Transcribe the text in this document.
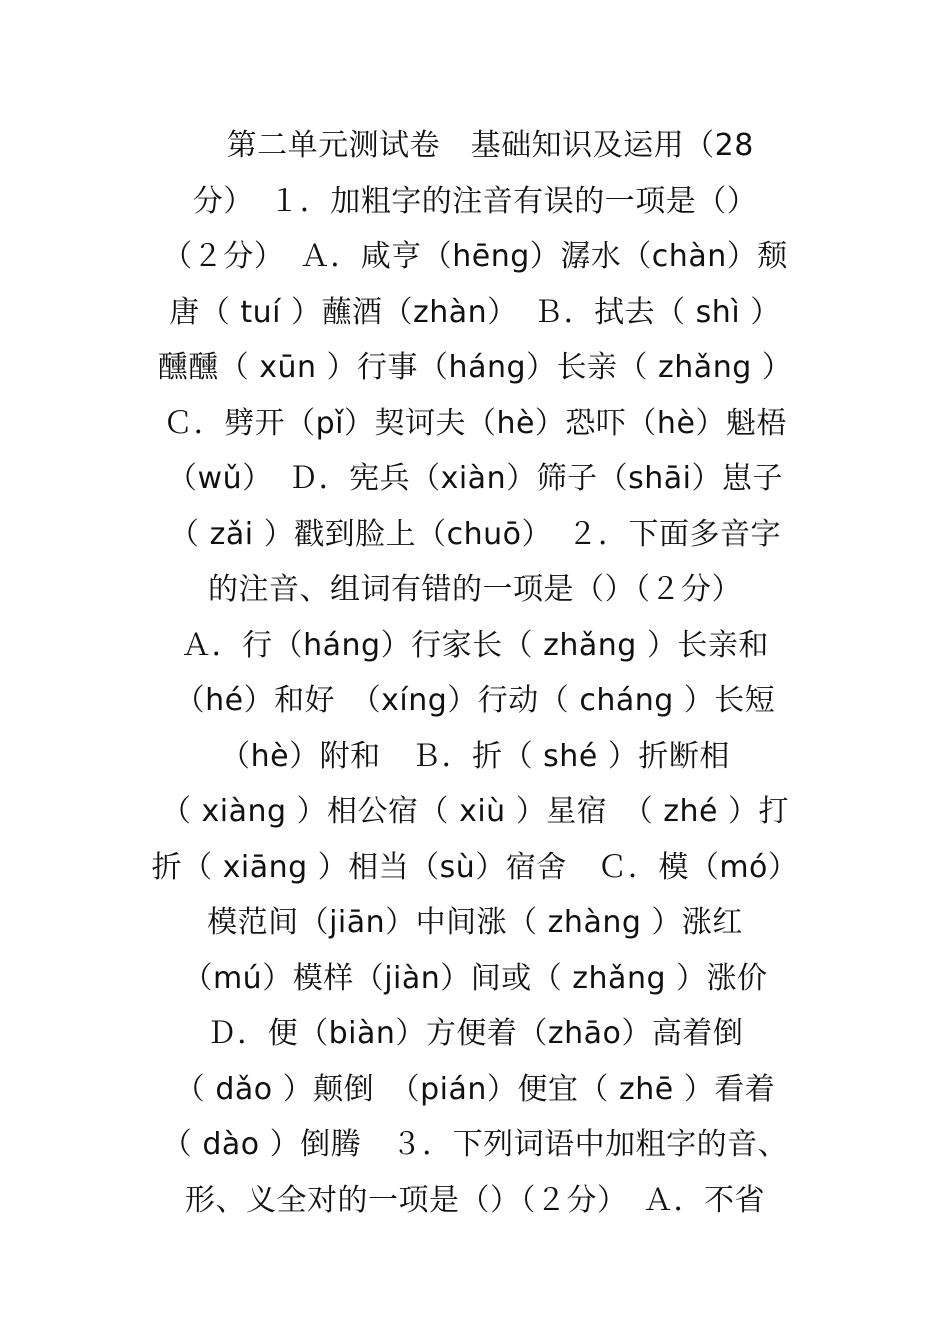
　第二单元测试卷　基础知识及运用（28
分）　１．加粗字的注音有误的一项是（）
（２分）　Ａ．咸亨（hēng）潺水（chàn）颓
唐（ tuí ）蘸酒（zhàn）　Ｂ．拭去（ shì ）
醺醺（ xūn ）行事（háng）长亲（ zhǎng ）
Ｃ．劈开（pǐ）契诃夫（hè）恐吓（hè）魁梧
（wǔ）　Ｄ．宪兵（xiàn）筛子（shāi）崽子
（ zǎi ）戳到脸上（chuō）　２．下面多音字
的注音、组词有错的一项是（）（２分）
Ａ．行（háng）行家长（ zhǎng ）长亲和
（hé）和好　（xíng）行动（ cháng ）长短
（hè）附和　Ｂ．折（ shé ）折断相
（ xiàng ）相公宿（ xiù ）星宿　（ zhé ）打
折（ xiāng ）相当（sù）宿舍　Ｃ．模（mó）
模范间（jiān）中间涨（ zhàng ）涨红
（mú）模样（jiàn）间或（ zhǎng ）涨价
Ｄ．便（biàn）方便着（zhāo）高着倒
（ dǎo ）颠倒　（pián）便宜（ zhē ）看着
（ dào ）倒腾　３．下列词语中加粗字的音、
形、义全对的一项是（）（２分）　Ａ．不省
